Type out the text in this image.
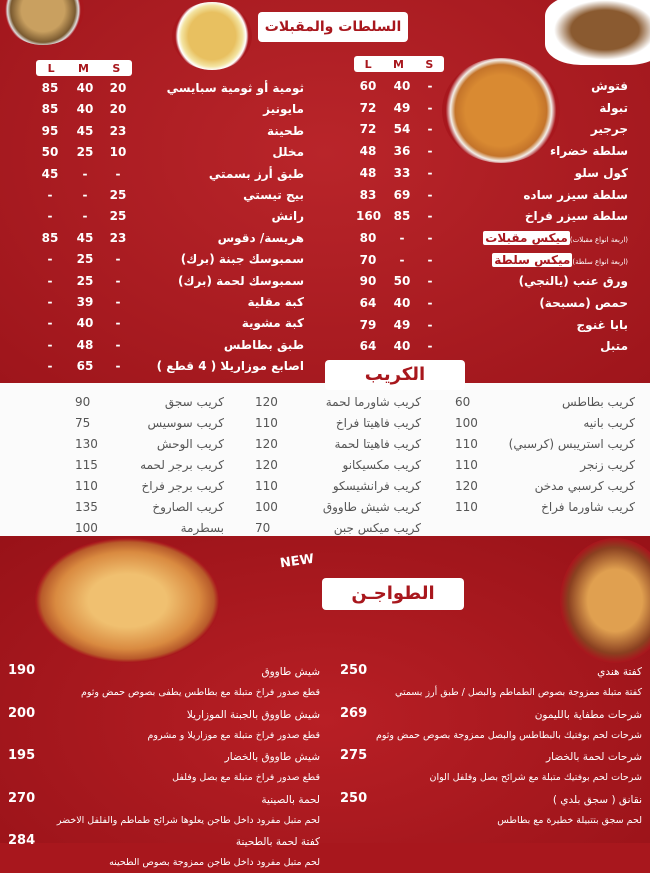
السلطات والمقبلات
S
M
L
S
M
L
فتوش
-
40
60
تبولة
-
49
72
جرجير
-
54
72
سلطة خضراء
-
36
48
كول سلو
-
33
48
سلطة سيزر ساده
-
69
83
سلطة سيزر فراخ
-
85
160
(اربعة انواع مقبلات)ميكس مقبلات
-
-
80
(اربعة انواع سلطة)ميكس سلطة
-
-
70
ورق عنب (يالنجي)
-
50
90
حمص (مسبحة)
-
40
64
بابا غنوج
-
49
79
متبل
-
40
64
ثومية أو ثومية سبايسي
20
40
85
مايونيز
20
40
85
طحينة
23
45
95
مخلل
10
25
50
طبق أرز بسمتي
-
-
45
بيج تيستي
25
-
-
رانش
25
-
-
هريسة/ دقوس
23
45
85
سمبوسك جبنة (برك)
-
25
-
سمبوسك لحمة (برك)
-
25
-
كبة مقلية
-
39
-
كبة مشوية
-
40
-
طبق بطاطس
-
48
-
اصابع موزاريلا ( 4 قطع )
-
65
-	الكريب
كريب بطاطس
60
كريب بانيه
100
كريب استريبس (كرسبي)
110
كريب زنجر
110
كريب كرسبي مدخن
120
كريب شاورما فراخ
110
كريب شاورما لحمة
120
كريب فاهيتا فراخ
110
كريب فاهيتا لحمة
120
كريب مكسيكانو
120
كريب فرانشيسكو
110
كريب شيش طاووق
100
كريب ميكس جبن
70
كريب سجق
90
كريب سوسيس
75
كريب الوحش
130
كريب برجر لحمه
115
كريب برجر فراخ
110
كريب الصاروخ
135
بسطرمة
100
NEW
الطواجـن
كفتة هندي
250
كفتة متبلة ممزوجة بصوص الطماطم والبصل / طبق أرز بسمتي
شرحات مطفاية بالليمون
269
شرحات لحم بوفتيك بالبطاطس والبصل ممزوجة بصوص حمض وثوم
شرحات لحمة بالخضار
275
شرحات لحم بوفتيك متبلة مع شرائح بصل وفلفل الوان
نقانق ( سجق بلدي )
250
لحم سجق بتتبيلة خطيرة مع بطاطس
شيش طاووق
190
قطع صدور فراخ متبلة مع بطاطس يطفى بصوص حمض وثوم
شيش طاووق بالجبنة الموزاريلا
200
قطع صدور فراخ متبلة مع موزاريلا و مشروم
شيش طاووق بالخضار
195
قطع صدور فراخ متبلة مع بصل وفلفل
لحمة بالصينية
270
لحم متبل مفرود داخل طاجن يعلوها شرائح طماطم والفلفل الاخضر
كفتة لحمة بالطحينة
284
لحم متبل مفرود داخل طاجن ممزوجة بصوص الطحينه
